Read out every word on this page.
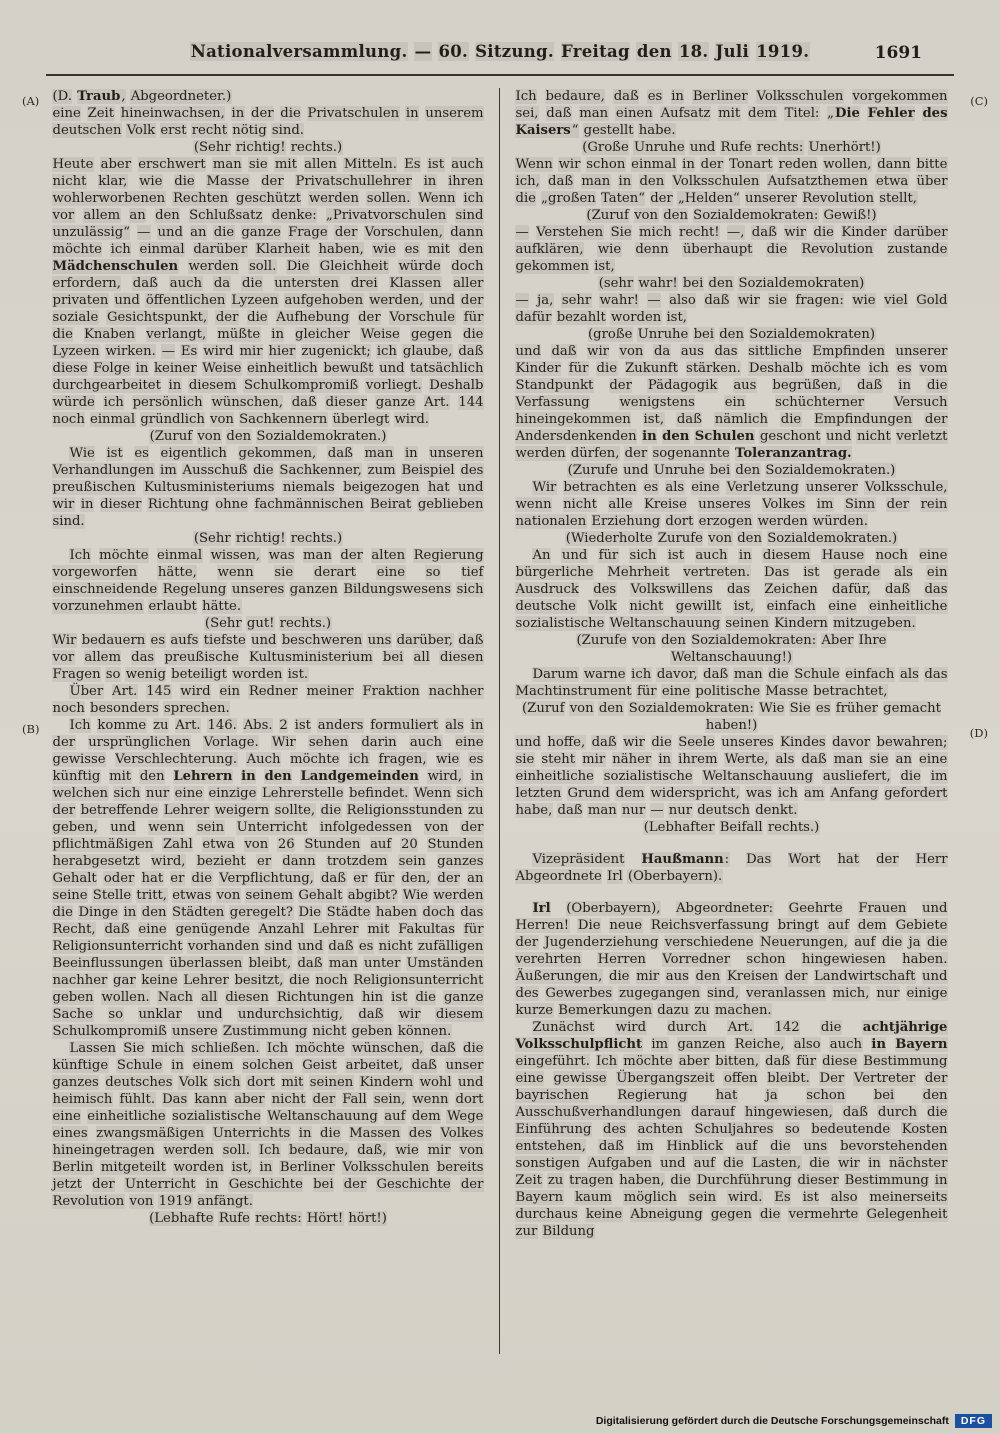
Nationalversammlung. — 60. Sitzung. Freitag den 18. Juli 1919.	1691
(A)
(B)
(C)
(D)

(D. Traub, Abgeordneter.)

eine Zeit hineinwachsen, in der die Privatschulen in unserem deutschen Volk erst recht nötig sind.

(Sehr richtig! rechts.)

Heute aber erschwert man sie mit allen Mitteln. Es ist auch nicht klar, wie die Masse der Privatschullehrer in ihren wohlerworbenen Rechten geschützt werden sollen. Wenn ich vor allem an den Schlußsatz denke: „Privatvorschulen sind unzulässig“ — und an die ganze Frage der Vorschulen, dann möchte ich einmal darüber Klarheit haben, wie es mit den Mädchenschulen werden soll. Die Gleichheit würde doch erfordern, daß auch da die untersten drei Klassen aller privaten und öffentlichen Lyzeen aufgehoben werden, und der soziale Gesichtspunkt, der die Aufhebung der Vorschule für die Knaben verlangt, müßte in gleicher Weise gegen die Lyzeen wirken. — Es wird mir hier zugenickt; ich glaube, daß diese Folge in keiner Weise einheitlich bewußt und tatsächlich durchgearbeitet in diesem Schulkompromiß vorliegt. Deshalb würde ich persönlich wünschen, daß dieser ganze Art. 144 noch einmal gründlich von Sachkennern überlegt wird.

(Zuruf von den Sozialdemokraten.)

Wie ist es eigentlich gekommen, daß man in unseren Verhandlungen im Ausschuß die Sachkenner, zum Beispiel des preußischen Kultusministeriums niemals beigezogen hat und wir in dieser Richtung ohne fachmännischen Beirat geblieben sind.

(Sehr richtig! rechts.)

Ich möchte einmal wissen, was man der alten Regierung vorgeworfen hätte, wenn sie derart eine so tief einschneidende Regelung unseres ganzen Bildungswesens sich vorzunehmen erlaubt hätte.

(Sehr gut! rechts.)

Wir bedauern es aufs tiefste und beschweren uns darüber, daß vor allem das preußische Kultusministerium bei all diesen Fragen so wenig beteiligt worden ist.

Über Art. 145 wird ein Redner meiner Fraktion nachher noch besonders sprechen.

Ich komme zu Art. 146. Abs. 2 ist anders formuliert als in der ursprünglichen Vorlage. Wir sehen darin auch eine gewisse Verschlechterung. Auch möchte ich fragen, wie es künftig mit den Lehrern in den Landgemeinden wird, in welchen sich nur eine einzige Lehrerstelle befindet. Wenn sich der betreffende Lehrer weigern sollte, die Religionsstunden zu geben, und wenn sein Unterricht infolgedessen von der pflichtmäßigen Zahl etwa von 26 Stunden auf 20 Stunden herabgesetzt wird, bezieht er dann trotzdem sein ganzes Gehalt oder hat er die Verpflichtung, daß er für den, der an seine Stelle tritt, etwas von seinem Gehalt abgibt? Wie werden die Dinge in den Städten geregelt? Die Städte haben doch das Recht, daß eine genügende Anzahl Lehrer mit Fakultas für Religionsunterricht vorhanden sind und daß es nicht zufälligen Beeinflussungen überlassen bleibt, daß man unter Umständen nachher gar keine Lehrer besitzt, die noch Religionsunterricht geben wollen. Nach all diesen Richtungen hin ist die ganze Sache so unklar und undurchsichtig, daß wir diesem Schulkompromiß unsere Zustimmung nicht geben können.

Lassen Sie mich schließen. Ich möchte wünschen, daß die künftige Schule in einem solchen Geist arbeitet, daß unser ganzes deutsches Volk sich dort mit seinen Kindern wohl und heimisch fühlt. Das kann aber nicht der Fall sein, wenn dort eine einheitliche sozialistische Weltanschauung auf dem Wege eines zwangsmäßigen Unterrichts in die Massen des Volkes hineingetragen werden soll. Ich bedaure, daß, wie mir von Berlin mitgeteilt worden ist, in Berliner Volksschulen bereits jetzt der Unterricht in Geschichte bei der Geschichte der Revolution von 1919 anfängt.

(Lebhafte Rufe rechts: Hört! hört!)

Ich bedaure, daß es in Berliner Volksschulen vorgekommen sei, daß man einen Aufsatz mit dem Titel: „Die Fehler des Kaisers“ gestellt habe.

(Große Unruhe und Rufe rechts: Unerhört!)

Wenn wir schon einmal in der Tonart reden wollen, dann bitte ich, daß man in den Volksschulen Aufsatzthemen etwa über die „großen Taten“ der „Helden“ unserer Revolution stellt,

(Zuruf von den Sozialdemokraten: Gewiß!)

— Verstehen Sie mich recht! —, daß wir die Kinder darüber aufklären, wie denn überhaupt die Revolution zustande gekommen ist,

(sehr wahr! bei den Sozialdemokraten)

— ja, sehr wahr! — also daß wir sie fragen: wie viel Gold dafür bezahlt worden ist,

(große Unruhe bei den Sozialdemokraten)

und daß wir von da aus das sittliche Empfinden unserer Kinder für die Zukunft stärken. Deshalb möchte ich es vom Standpunkt der Pädagogik aus begrüßen, daß in die Verfassung wenigstens ein schüchterner Versuch hineingekommen ist, daß nämlich die Empfindungen der Andersdenkenden in den Schulen geschont und nicht verletzt werden dürfen, der sogenannte Toleranzantrag.

(Zurufe und Unruhe bei den Sozialdemokraten.)

Wir betrachten es als eine Verletzung unserer Volksschule, wenn nicht alle Kreise unseres Volkes im Sinn der rein nationalen Erziehung dort erzogen werden würden.

(Wiederholte Zurufe von den Sozialdemokraten.)

An und für sich ist auch in diesem Hause noch eine bürgerliche Mehrheit vertreten. Das ist gerade als ein Ausdruck des Volkswillens das Zeichen dafür, daß das deutsche Volk nicht gewillt ist, einfach eine einheitliche sozialistische Weltanschauung seinen Kindern mitzugeben.

(Zurufe von den Sozialdemokraten: Aber Ihre Weltanschauung!)

Darum warne ich davor, daß man die Schule einfach als das Machtinstrument für eine politische Masse betrachtet,

(Zuruf von den Sozialdemokraten: Wie Sie es früher gemacht haben!)

und hoffe, daß wir die Seele unseres Kindes davor bewahren; sie steht mir näher in ihrem Werte, als daß man sie an eine einheitliche sozialistische Weltanschauung ausliefert, die im letzten Grund dem widerspricht, was ich am Anfang gefordert habe, daß man nur — nur deutsch denkt.

(Lebhafter Beifall rechts.)

Vizepräsident Haußmann: Das Wort hat der Herr Abgeordnete Irl (Oberbayern).

Irl (Oberbayern), Abgeordneter: Geehrte Frauen und Herren! Die neue Reichsverfassung bringt auf dem Gebiete der Jugenderziehung verschiedene Neuerungen, auf die ja die verehrten Herren Vorredner schon hingewiesen haben. Äußerungen, die mir aus den Kreisen der Landwirtschaft und des Gewerbes zugegangen sind, veranlassen mich, nur einige kurze Bemerkungen dazu zu machen.

Zunächst wird durch Art. 142 die achtjährige Volksschulpflicht im ganzen Reiche, also auch in Bayern eingeführt. Ich möchte aber bitten, daß für diese Bestimmung eine gewisse Übergangszeit offen bleibt. Der Vertreter der bayrischen Regierung hat ja schon bei den Ausschußverhandlungen darauf hingewiesen, daß durch die Einführung des achten Schuljahres so bedeutende Kosten entstehen, daß im Hinblick auf die uns bevorstehenden sonstigen Aufgaben und auf die Lasten, die wir in nächster Zeit zu tragen haben, die Durchführung dieser Bestimmung in Bayern kaum möglich sein wird. Es ist also meinerseits durchaus keine Abneigung gegen die vermehrte Gelegenheit zur Bildung

Digitalisierung gefördert durch die Deutsche Forschungsgemeinschaft	DFG
